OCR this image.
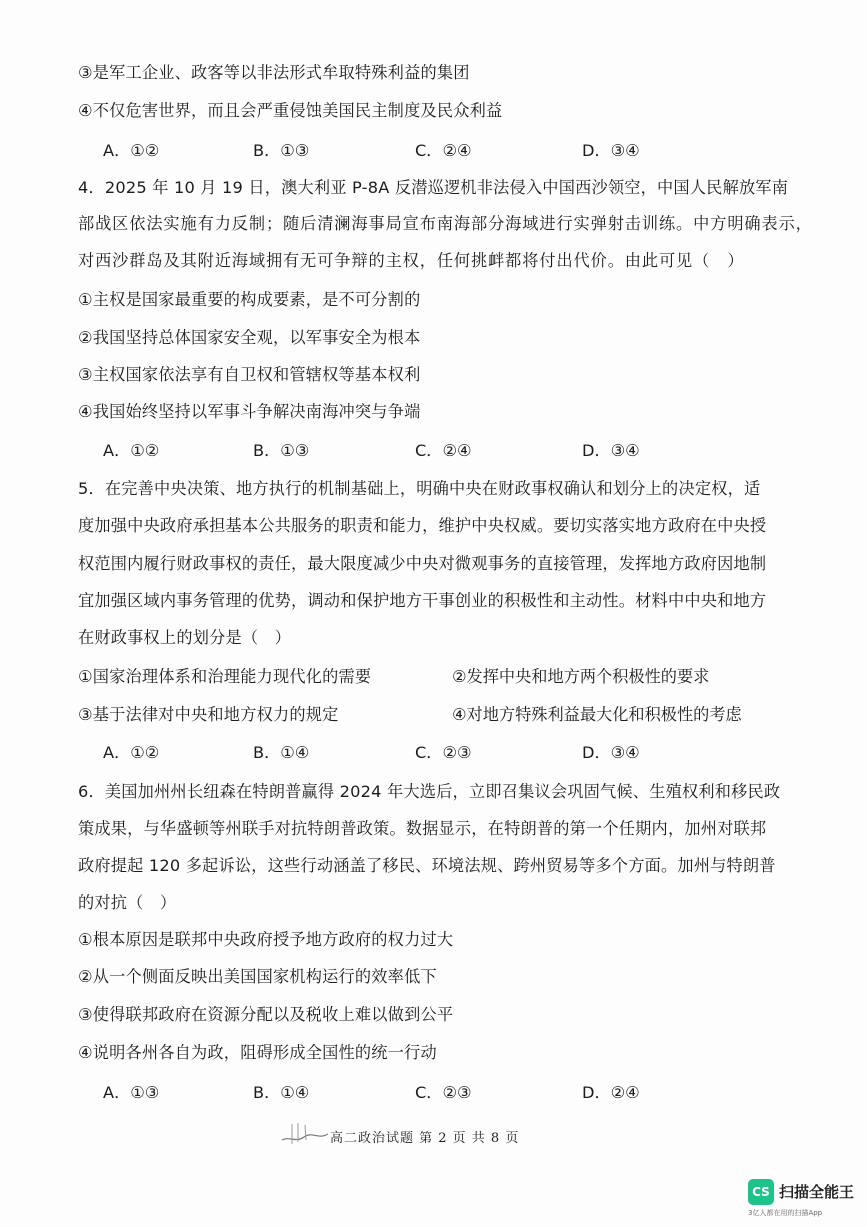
③是军工企业、政客等以非法形式牟取特殊利益的集团
④不仅危害世界，而且会严重侵蚀美国民主制度及民众利益
A．①②	B．①③	C．②④	D．③④
4．2025 年 10 月 19 日，澳大利亚 P-8A 反潜巡逻机非法侵入中国西沙领空，中国人民解放军南
部战区依法实施有力反制；随后清澜海事局宣布南海部分海域进行实弹射击训练。中方明确表示，
对西沙群岛及其附近海域拥有无可争辩的主权，任何挑衅都将付出代价。由此可见（　）
①主权是国家最重要的构成要素，是不可分割的
②我国坚持总体国家安全观，以军事安全为根本
③主权国家依法享有自卫权和管辖权等基本权利
④我国始终坚持以军事斗争解决南海冲突与争端
A．①②	B．①③	C．②④	D．③④
5．在完善中央决策、地方执行的机制基础上，明确中央在财政事权确认和划分上的决定权，适
度加强中央政府承担基本公共服务的职责和能力，维护中央权威。要切实落实地方政府在中央授
权范围内履行财政事权的责任，最大限度减少中央对微观事务的直接管理，发挥地方政府因地制
宜加强区域内事务管理的优势，调动和保护地方干事创业的积极性和主动性。材料中中央和地方
在财政事权上的划分是（　）
①国家治理体系和治理能力现代化的需要	②发挥中央和地方两个积极性的要求
③基于法律对中央和地方权力的规定	④对地方特殊利益最大化和积极性的考虑
A．①②	B．①④	C．②③	D．③④
6．美国加州州长纽森在特朗普赢得 2024 年大选后，立即召集议会巩固气候、生殖权利和移民政
策成果，与华盛顿等州联手对抗特朗普政策。数据显示，在特朗普的第一个任期内，加州对联邦
政府提起 120 多起诉讼，这些行动涵盖了移民、环境法规、跨州贸易等多个方面。加州与特朗普
的对抗（　）
①根本原因是联邦中央政府授予地方政府的权力过大
②从一个侧面反映出美国国家机构运行的效率低下
③使得联邦政府在资源分配以及税收上难以做到公平
④说明各州各自为政，阻碍形成全国性的统一行动
A．①③	B．①④	C．②③	D．②④
高二政治试题 第 2 页 共 8 页
CS 扫描全能王
3亿人都在用的扫描App
